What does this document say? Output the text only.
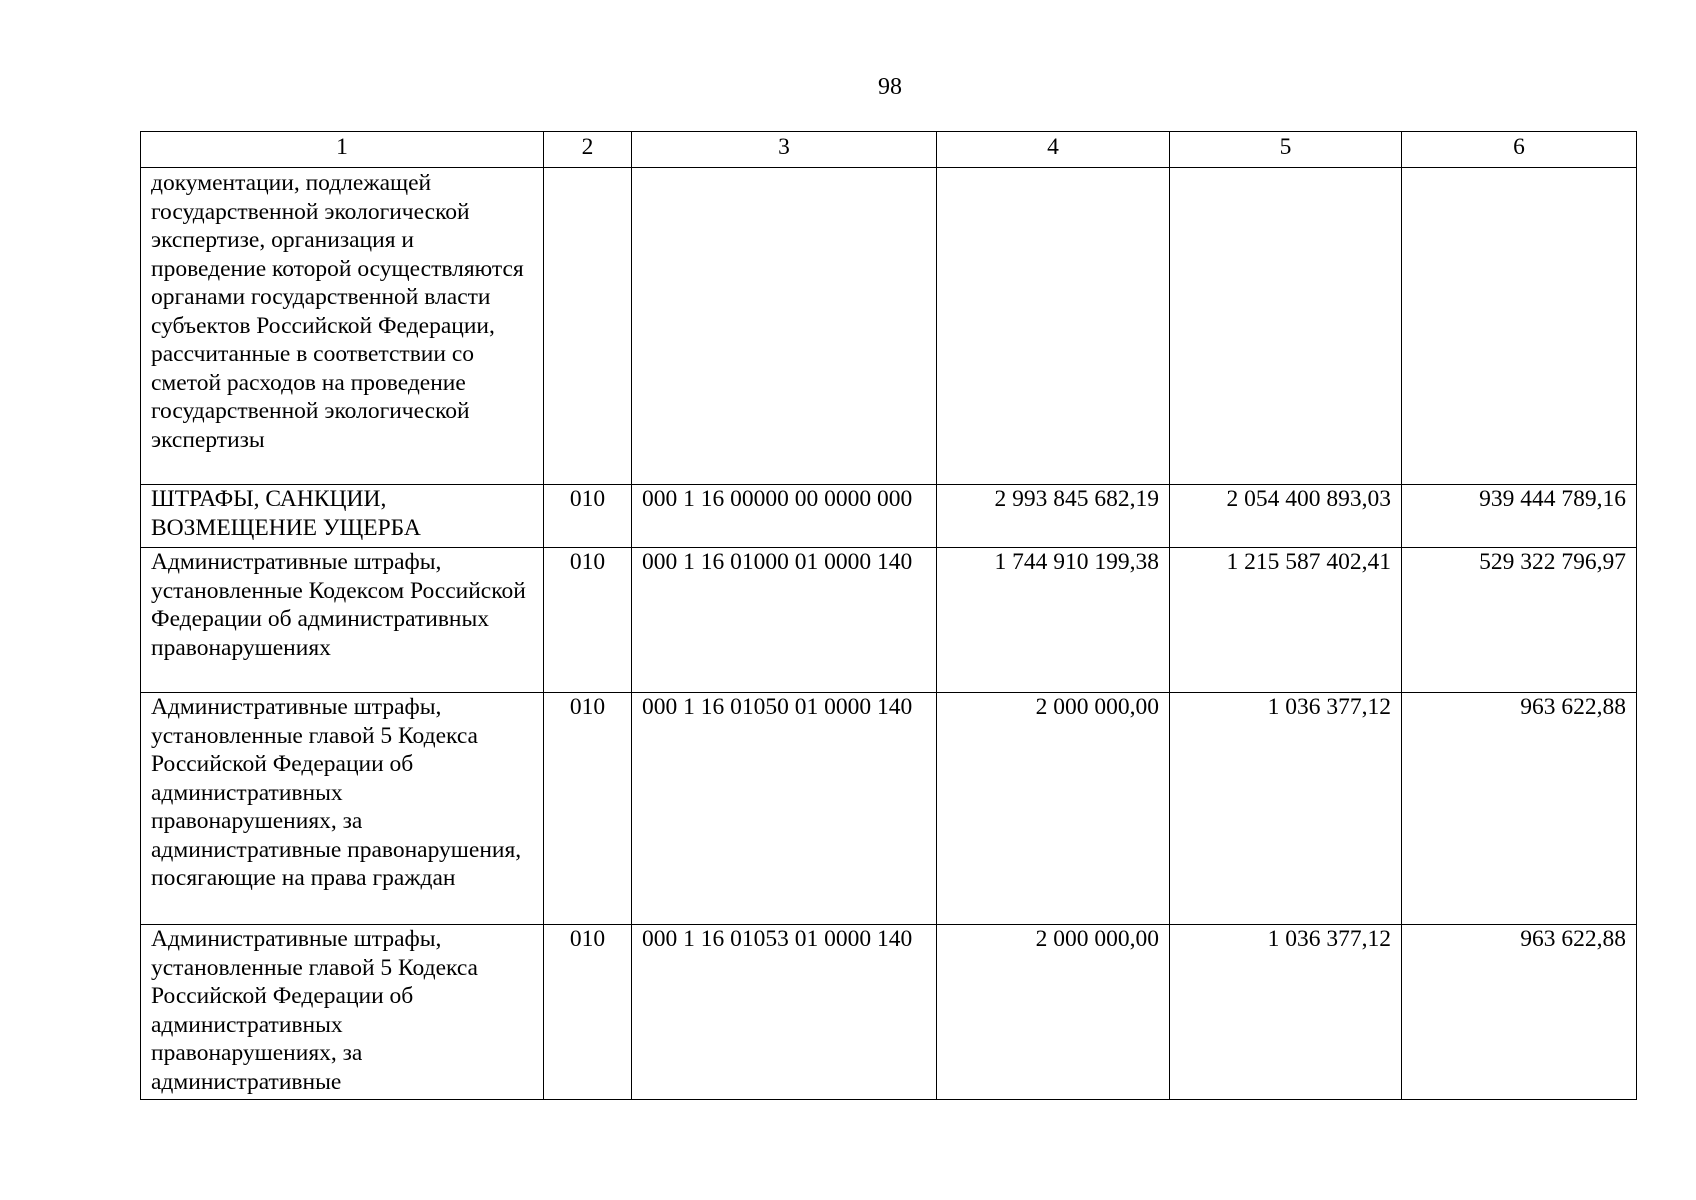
98
1	2	3	4	5	6
документации, подлежащей государственной экологической экспертизе, организация и проведение которой осуществляются органами государственной власти субъектов Российской Федерации, рассчитанные в соответствии со сметой расходов на проведение государственной экологической экспертизы					
ШТРАФЫ, САНКЦИИ, ВОЗМЕЩЕНИЕ УЩЕРБА	010	000 1 16 00000 00 0000 000	2 993 845 682,19	2 054 400 893,03	939 444 789,16
Административные штрафы, установленные Кодексом Российской Федерации об административных правонарушениях	010	000 1 16 01000 01 0000 140	1 744 910 199,38	1 215 587 402,41	529 322 796,97
Административные штрафы, установленные главой 5 Кодекса Российской Федерации об административных правонарушениях, за административные правонарушения, посягающие на права граждан	010	000 1 16 01050 01 0000 140	2 000 000,00	1 036 377,12	963 622,88
Административные штрафы, установленные главой 5 Кодекса Российской Федерации об административных правонарушениях, за административные	010	000 1 16 01053 01 0000 140	2 000 000,00	1 036 377,12	963 622,88
